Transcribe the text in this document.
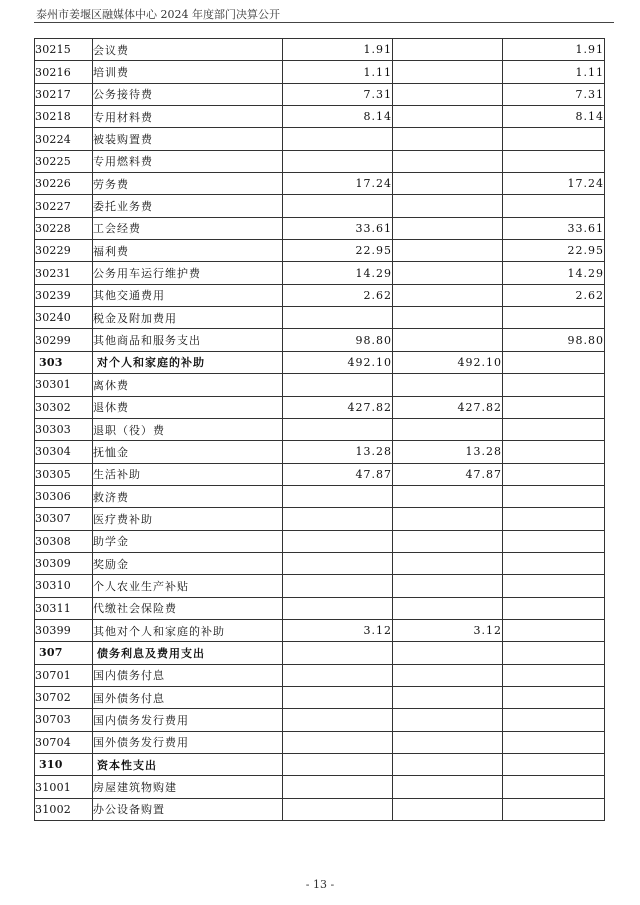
泰州市姜堰区融媒体中心 2024 年度部门决算公开
30215	会议费	1.91		1.91
30216	培训费	1.11		1.11
30217	公务接待费	7.31		7.31
30218	专用材料费	8.14		8.14
30224	被装购置费			
30225	专用燃料费			
30226	劳务费	17.24		17.24
30227	委托业务费			
30228	工会经费	33.61		33.61
30229	福利费	22.95		22.95
30231	公务用车运行维护费	14.29		14.29
30239	其他交通费用	2.62		2.62
30240	税金及附加费用			
30299	其他商品和服务支出	98.80		98.80
303	对个人和家庭的补助	492.10	492.10	
30301	离休费			
30302	退休费	427.82	427.82	
30303	退职（役）费			
30304	抚恤金	13.28	13.28	
30305	生活补助	47.87	47.87	
30306	救济费			
30307	医疗费补助			
30308	助学金			
30309	奖励金			
30310	个人农业生产补贴			
30311	代缴社会保险费			
30399	其他对个人和家庭的补助	3.12	3.12	
307	债务利息及费用支出			
30701	国内债务付息			
30702	国外债务付息			
30703	国内债务发行费用			
30704	国外债务发行费用			
310	资本性支出			
31001	房屋建筑物购建			
31002	办公设备购置			
- 13 -
